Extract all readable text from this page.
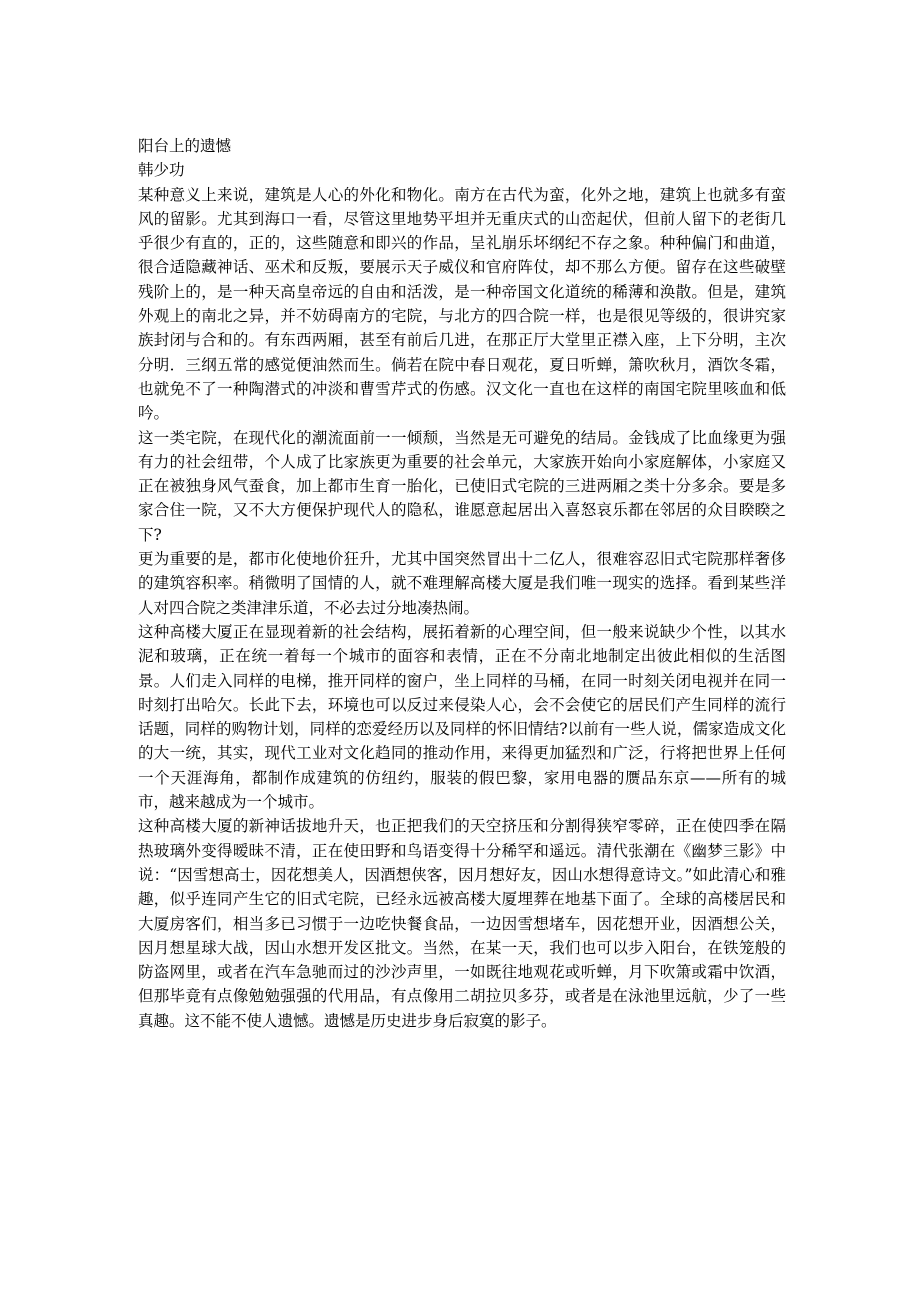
阳台上的遗憾
韩少功

某种意义上来说，建筑是人心的外化和物化。南方在古代为蛮，化外之地，建筑上也就多有蛮风的留影。尤其到海口一看，尽管这里地势平坦并无重庆式的山峦起伏，但前人留下的老街几乎很少有直的，正的，这些随意和即兴的作品，呈礼崩乐坏纲纪不存之象。种种偏门和曲道，很合适隐藏神话、巫术和反叛，要展示天子威仪和官府阵仗，却不那么方便。留存在这些破壁残阶上的，是一种天高皇帝远的自由和活泼，是一种帝国文化道统的稀薄和涣散。但是，建筑外观上的南北之异，并不妨碍南方的宅院，与北方的四合院一样，也是很见等级的，很讲究家族封闭与合和的。有东西两厢，甚至有前后几进，在那正厅大堂里正襟入座，上下分明，主次分明．三纲五常的感觉便油然而生。倘若在院中春日观花，夏日听蝉，箫吹秋月，酒饮冬霜，也就免不了一种陶潜式的冲淡和曹雪芹式的伤感。汉文化一直也在这样的南国宅院里咳血和低吟。

这一类宅院，在现代化的潮流面前一一倾颓，当然是无可避免的结局。金钱成了比血缘更为强有力的社会纽带，个人成了比家族更为重要的社会单元，大家族开始向小家庭解体，小家庭又正在被独身风气蚕食，加上都市生育一胎化，已使旧式宅院的三进两厢之类十分多余。要是多家合住一院，又不大方便保护现代人的隐私，谁愿意起居出入喜怒哀乐都在邻居的众目睽睽之下?

更为重要的是，都市化使地价狂升，尤其中国突然冒出十二亿人，很难容忍旧式宅院那样奢侈的建筑容积率。稍微明了国情的人，就不难理解高楼大厦是我们唯一现实的选择。看到某些洋人对四合院之类津津乐道，不必去过分地凑热闹。

这种高楼大厦正在显现着新的社会结构，展拓着新的心理空间，但一般来说缺少个性，以其水泥和玻璃，正在统一着每一个城市的面容和表情，正在不分南北地制定出彼此相似的生活图景。人们走入同样的电梯，推开同样的窗户，坐上同样的马桶，在同一时刻关闭电视并在同一时刻打出哈欠。长此下去，环境也可以反过来侵染人心，会不会使它的居民们产生同样的流行话题，同样的购物计划，同样的恋爱经历以及同样的怀旧情结?以前有一些人说，儒家造成文化的大一统，其实，现代工业对文化趋同的推动作用，来得更加猛烈和广泛，行将把世界上任何一个天涯海角，都制作成建筑的仿纽约，服装的假巴黎，家用电器的赝品东京——所有的城市，越来越成为一个城市。

这种高楼大厦的新神话拔地升天，也正把我们的天空挤压和分割得狭窄零碎，正在使四季在隔热玻璃外变得暧昧不清，正在使田野和鸟语变得十分稀罕和遥远。清代张潮在《幽梦三影》中说：“因雪想高士，因花想美人，因酒想侠客，因月想好友，因山水想得意诗文。”如此清心和雅趣，似乎连同产生它的旧式宅院，已经永远被高楼大厦埋葬在地基下面了。全球的高楼居民和大厦房客们，相当多已习惯于一边吃快餐食品，一边因雪想堵车，因花想开业，因酒想公关，因月想星球大战，因山水想开发区批文。当然，在某一天，我们也可以步入阳台，在铁笼般的防盗网里，或者在汽车急驰而过的沙沙声里，一如既往地观花或听蝉，月下吹箫或霜中饮酒，但那毕竟有点像勉勉强强的代用品，有点像用二胡拉贝多芬，或者是在泳池里远航，少了一些真趣。这不能不使人遗憾。遗憾是历史进步身后寂寞的影子。
